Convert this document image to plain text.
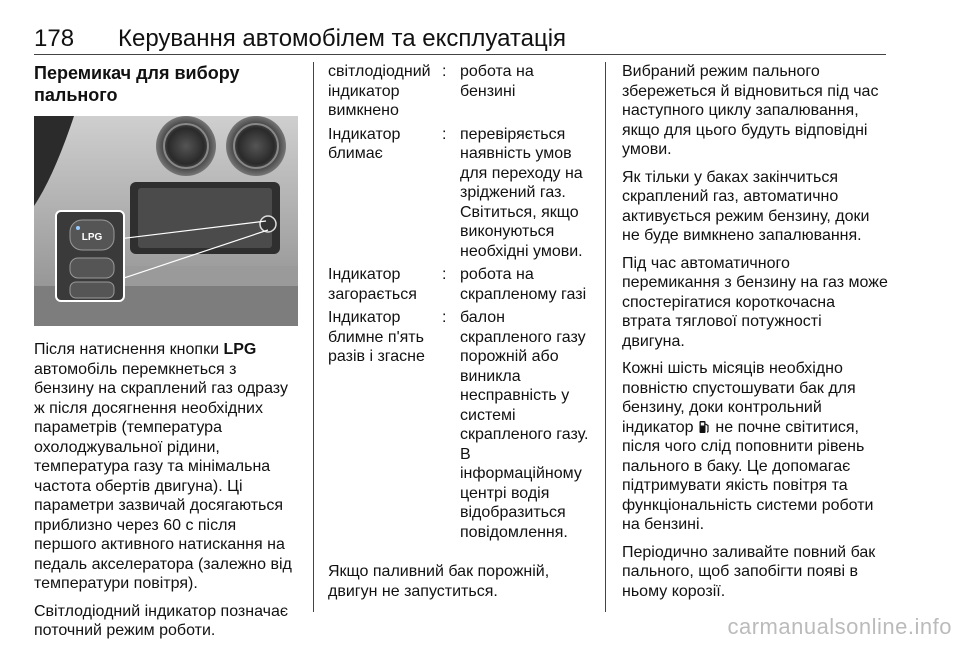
178 Керування автомобілем та експлуатація
Перемикач для вибору пального
LPG

Після натиснення кнопки LPG автомобіль перемкнеться з бензину на скраплений газ одразу ж після досягнення необхідних параметрів (температура охолоджувальної рідини, температура газу та мінімальна частота обертів двигуна). Ці параметри зазвичай досягаються приблизно через 60 с після першого активного натискання на педаль акселератора (залежно від температури повітря).

Світлодіодний індикатор позначає поточний режим роботи.

світлодіодний індикатор вимкнено
: робота на бензині
Індикатор блимає
: перевіряється наявність умов для переходу на зріджений газ. Світиться, якщо виконуються необхідні умови.
Індикатор загорається
: робота на скрапленому газі
Індикатор блимне п'ять разів і згасне
: балон скрапленого газу порожній або виникла несправність у системі скрапленого газу. В інформаційному центрі водія відобразиться повідомлення.

Якщо паливний бак порожній, двигун не запуститься.

Вибраний режим пального збережеться й відновиться під час наступного циклу запалювання, якщо для цього будуть відповідні умови.

Як тільки у баках закінчиться скраплений газ, автоматично активується режим бензину, доки не буде вимкнено запалювання.

Під час автоматичного перемикання з бензину на газ може спостерігатися короткочасна втрата тяглової потужності двигуна.

Кожні шість місяців необхідно повністю спустошувати бак для бензину, доки контрольний індикатор  не почне світитися, після чого слід поповнити рівень пального в баку. Це допомагає підтримувати якість повітря та функціональність системи роботи на бензині.

Періодично заливайте повний бак пального, щоб запобігти появі в ньому корозії.

carmanualsonline.info
